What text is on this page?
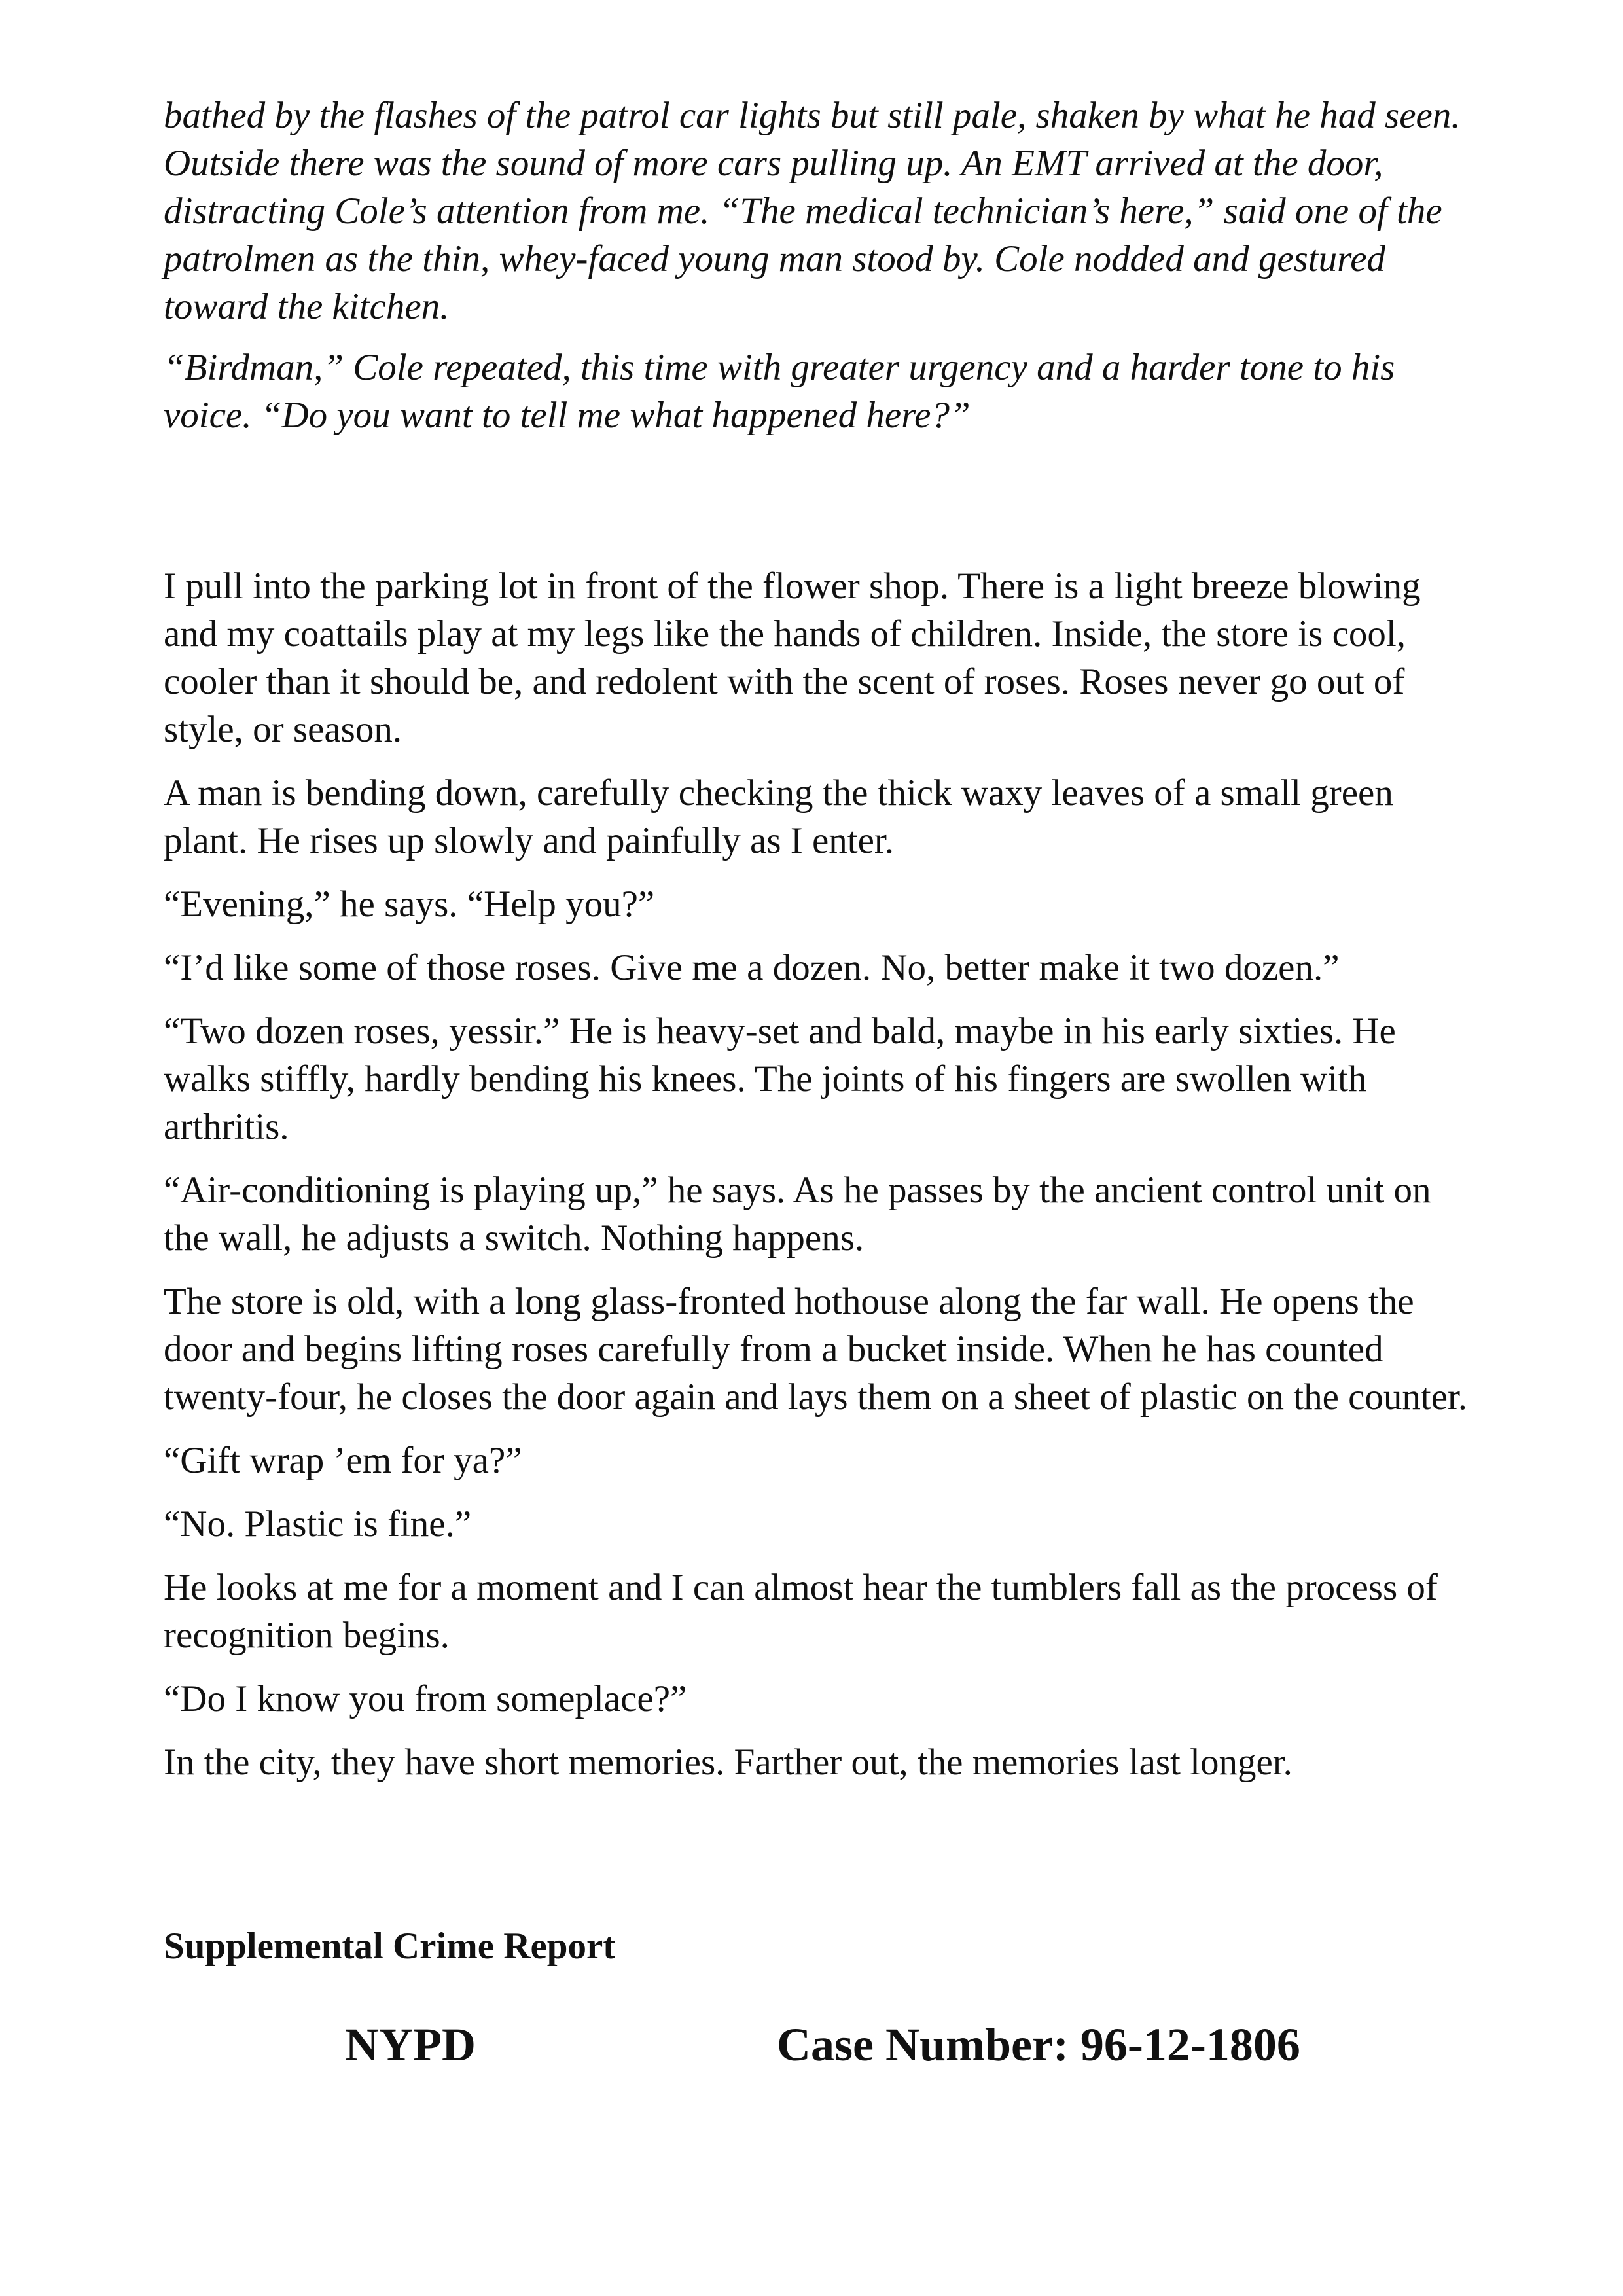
bathed by the flashes of the patrol car lights but still pale, shaken by what he had seen. Outside there was the sound of more cars pulling up. An EMT arrived at the door, distracting Cole’s attention from me. “The medical technician’s here,” said one of the patrolmen as the thin, whey-faced young man stood by. Cole nodded and gestured toward the kitchen.

“Birdman,” Cole repeated, this time with greater urgency and a harder tone to his voice. “Do you want to tell me what happened here?”

I pull into the parking lot in front of the flower shop. There is a light breeze blowing and my coattails play at my legs like the hands of children. Inside, the store is cool, cooler than it should be, and redolent with the scent of roses. Roses never go out of style, or season.

A man is bending down, carefully checking the thick waxy leaves of a small green plant. He rises up slowly and painfully as I enter.

“Evening,” he says. “Help you?”

“I’d like some of those roses. Give me a dozen. No, better make it two dozen.”

“Two dozen roses, yessir.” He is heavy-set and bald, maybe in his early sixties. He walks stiffly, hardly bending his knees. The joints of his fingers are swollen with arthritis.

“Air-conditioning is playing up,” he says. As he passes by the ancient control unit on the wall, he adjusts a switch. Nothing happens.

The store is old, with a long glass-fronted hothouse along the far wall. He opens the door and begins lifting roses carefully from a bucket inside. When he has counted twenty-four, he closes the door again and lays them on a sheet of plastic on the counter.

“Gift wrap ’em for ya?”

“No. Plastic is fine.”

He looks at me for a moment and I can almost hear the tumblers fall as the process of recognition begins.

“Do I know you from someplace?”

In the city, they have short memories. Farther out, the memories last longer.

Supplemental Crime Report
NYPD	Case Number: 96-12-1806
